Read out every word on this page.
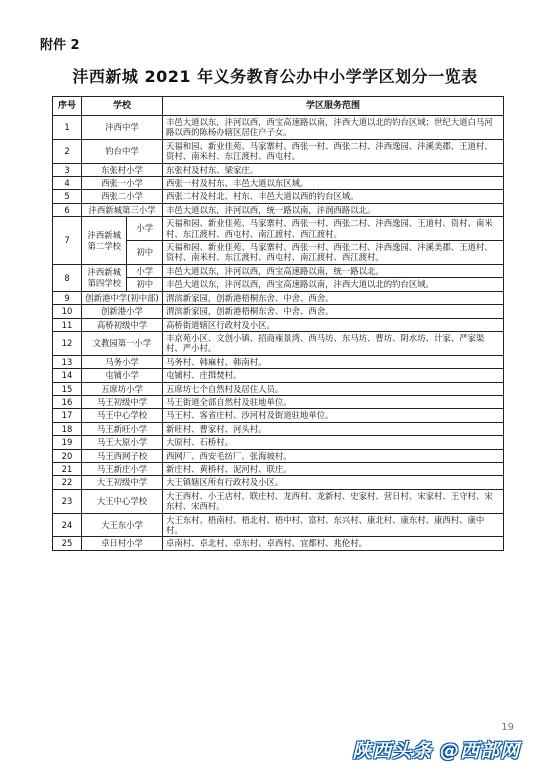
附件 2
沣西新城 2021 年义务教育公办中小学学区划分一览表
序号	学校		学区服务范围
1	沣西中学		丰邑大道以东，沣河以西，西宝高速路以南，沣西大道以北的钓台区域；世纪大道白马河路以西的陈杨办辖区居住户子女。
2	钓台中学		天福和园、新业佳苑、马家寨村、西张一村、西张二村、沣西逸园、沣溪美郡、王道村、资村、南米村、东江渡村、西屯村。
3	东张村小学		东张村及村东、梁家庄。
4	西张一小学		西张一村及村东、丰邑大道以东区域。
5	西张二小学		西张二村及村北、村东、丰邑大道以西的钓台区域。
6	沣西新城第三小学		丰邑大道以东，沣河以西，统一路以南，沣润西路以北。
7	沣西新城第二学校	小学	天福和园、新业佳苑、马家寨村、西张一村、西张二村、沣西逸园、王道村、资村、南米村、东江渡村、西屯村、南江渡村、西江渡村。
		初中	天福和园、新业佳苑、马家寨村、西张一村、西张二村、沣西逸园、沣溪美郡、王道村、资村、南米村、东江渡村、西屯村、南江渡村、西江渡村。
8	沣西新城第四学校	小学	丰邑大道以东，沣河以西，西宝高速路以南，统一路以北。
		初中	丰邑大道以东，沣河以西，西宝高速路以南，沣西大道以北的钓台区域。
9	创新港中学(初中部)		渭滨新家园，创新港梧桐东舍、中舍、西舍。
10	创新港小学		渭滨新家园，创新港梧桐东舍、中舍、西舍。
11	高桥初级中学		高桥街道辖区行政村及小区。
12	文教园第一小学		丰京苑小区、文创小镇、招商雍景湾、西马坊、东马坊、曹坊、阴水坊、计家、严家渠村、严小村。
13	马务小学		马务村、韩麻村、韩南村。
14	屯铺小学		屯铺村、庄揖焚村。
15	五席坊小学		五席坊七个自然村及居住人员。
16	马王初级中学		马王街道全部自然村及驻地单位。
17	马王中心学校		马王村、客省庄村、沙河村及街道驻地单位。
18	马王新旺小学		新旺村、曹家村、河头村。
19	马王大原小学		大原村、石桥村。
20	马王西网子校		西网厂、西安毛纺厂、张海坡村。
21	马王新庄小学		新庄村、黄桥村、泥河村、联庄。
22	大王初级中学		大王镇辖区所有行政村及小区。
23	大王中心学校		大王西村、小王店村、联庄村、龙西村、龙新村、史家村、营日村、宋家村、王守村、宋东村、宋西村。
24	大王东小学		大王东村、梧南村、梧北村、梧中村、富村、东兴村、康北村、康东村、康西村、康中村。
25	卓日村小学		卓南村、卓北村、卓东村、卓西村、宜都村、兆伦村。
19
陕西头条 @西部网
